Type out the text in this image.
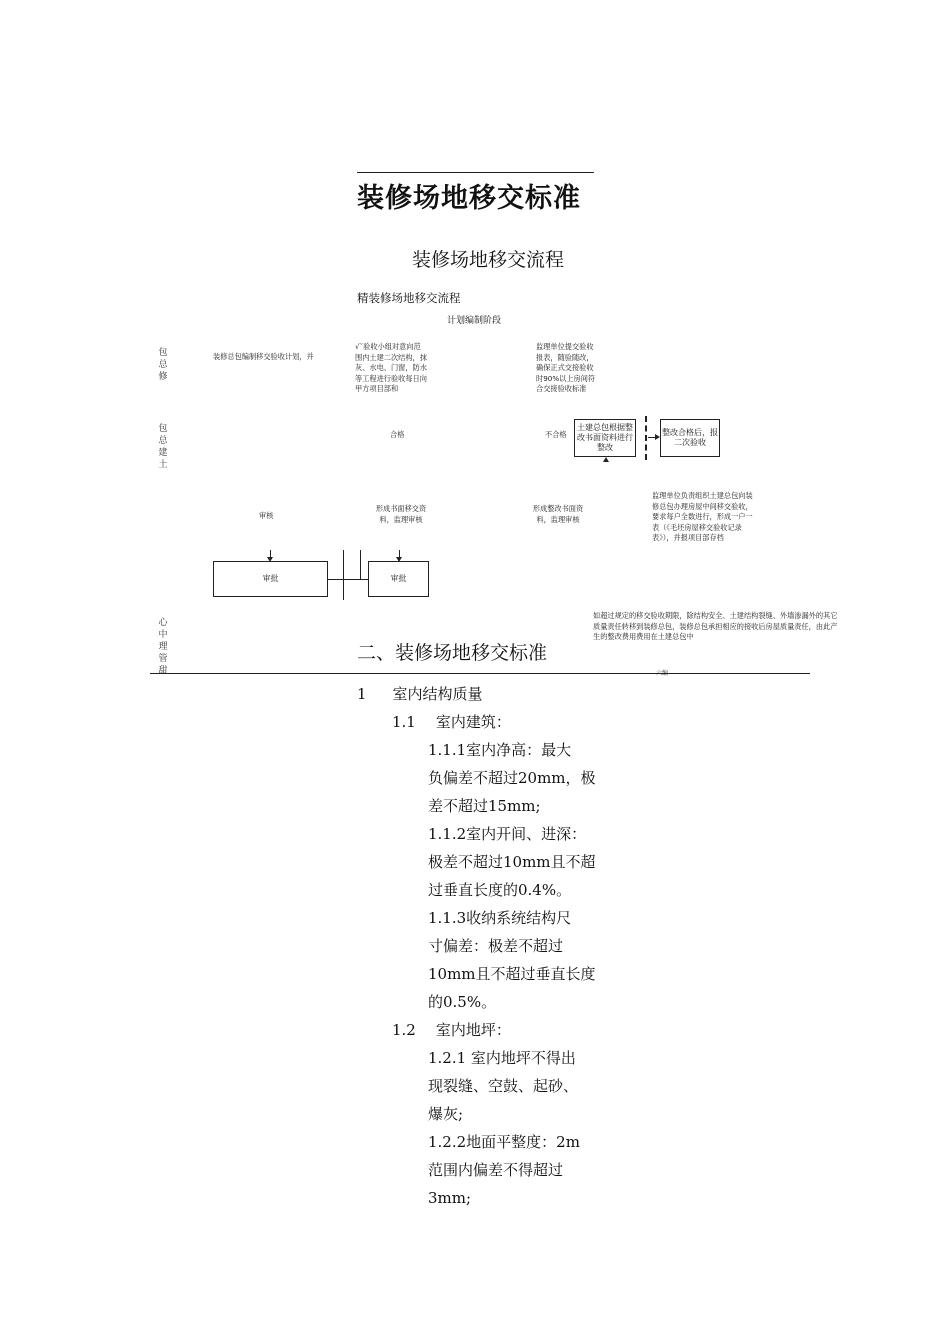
装修场地移交标准
装修场地移交流程
精装修场地移交流程
计划编制阶段
包总修
包总建土
心中理管甜
装修总包编制移交验收计划，并
√ˇ验收小组对意向范围内土建二次结构，抹灰、水电、门窗，防水等工程进行验收每日向甲方项目部和
监理单位提交验收报表，随验随改，确保正式交接验收时90%以上房间符合交接验收标准
合格	不合格
土建总包根据整改书面资料进行整改
整改合格后，报二次验收
审核
形成书面移交资料，监理审核
形成整改书面资料，监理审核
监理单位负责组织土建总包向装修总包办理房屋中间移交验收，要求每户全数进行，形成一户一表（《毛坯房屋移交验收记录表》），并报项目部存档
审批	审批
如超过规定的移交验收期限，除结构安全、土建结构裂缝、外墙渗漏外的其它质量责任转移到装修总包，装修总包承担相应的接收后房屋质量责任，由此产生的整改费用费用在土建总包中
六编
二、装修场地移交标准
1 室内结构质量
1.1 室内建筑：
1.1.1室内净高：最大
负偏差不超过20mm，极
差不超过15mm;
1.1.2室内开间、进深：
极差不超过10mm且不超
过垂直长度的0.4%。
1.1.3收纳系统结构尺
寸偏差：极差不超过
10mm且不超过垂直长度
的0.5%。
1.2 室内地坪：
1.2.1 室内地坪不得出
现裂缝、空鼓、起砂、
爆灰;
1.2.2地面平整度：2m
范围内偏差不得超过
3mm;
